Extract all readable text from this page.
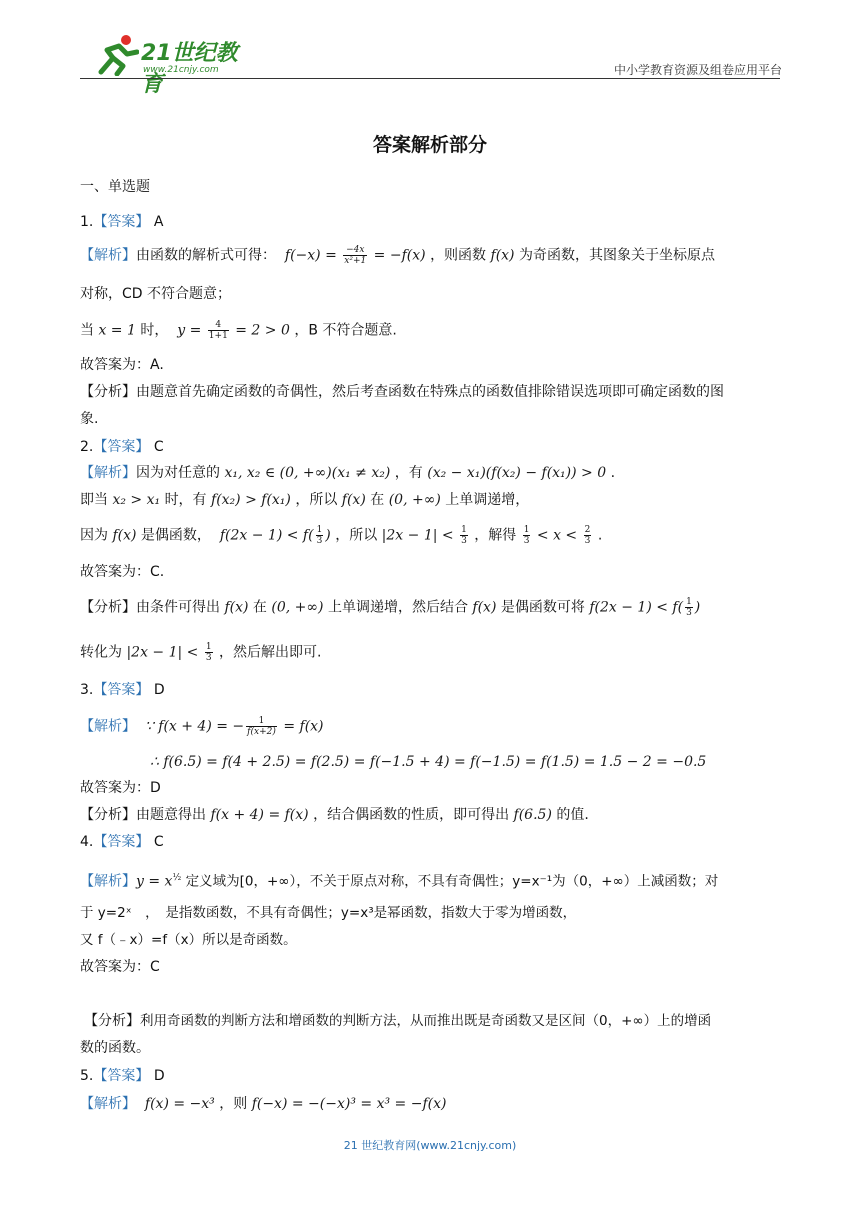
21世纪教育
www.21cnjy.com	中小学教育资源及组卷应用平台
答案解析部分
一、单选题
1.【答案】 A
【解析】由函数的解析式可得： $f(-x) = \frac{-4x}{\text{x²+1}} = -f(x)$ ，则函数 f(x) 为奇函数，其图象关于坐标原点
对称，CD 不符合题意；
当 x = 1 时， $y = \frac{4}{1+1} = 2 > 0$ ，B 不符合题意.
故答案为：A.
【分析】由题意首先确定函数的奇偶性，然后考查函数在特殊点的函数值排除错误选项即可确定函数的图
象.
2.【答案】 C
【解析】因为对任意的 x₁, x₂ ∈ (0, +∞)(x₁ ≠ x₂) ，有 (x₂ − x₁)(f(x₂) − f(x₁)) > 0 .
即当 x₂ > x₁ 时，有 f(x₂) > f(x₁) ，所以 f(x) 在 (0, +∞) 上单调递增，
因为 f(x) 是偶函数， $f(2x - 1) < f( \frac{1}{3}$ ) ，所以 $|2x - 1| < \frac{1}{3}$ ，解得 $\frac{1}{3} < x < \frac{2}{3}$ .
故答案为：C.
【分析】由条件可得出 f(x) 在 (0, +∞) 上单调递增，然后结合 f(x) 是偶函数可将 $f(2x - 1) < f( \frac{1}{3}$ )
转化为 $|2x - 1| < \frac{1}{3}$ ，然后解出即可.
3.【答案】 D
【解析】 ∵ f(x + 4) = − $\frac{1}{f(x+2)} = f(x)$
∴ f(6.5) = f(4 + 2.5) = f(2.5) = f(−1.5 + 4) = f(−1.5) = f(1.5) = 1.5 − 2 = −0.5
故答案为：D
【分析】由题意得出 f(x + 4) = f(x) ，结合偶函数的性质，即可得出 f(6.5) 的值.
4.【答案】 C
【解析】$y = x^{\frac{1}{2}}$ 定义域为[0，+∞），不关于原点对称，不具有奇偶性；y=x⁻¹为（0，+∞）上减函数；对
于 y=2ˣ　，　是指数函数，不具有奇偶性；y=x³是幂函数，指数大于零为增函数，
又 f（﹣x）=f（x）所以是奇函数。
故答案为：C
【分析】利用奇函数的判断方法和增函数的判断方法，从而推出既是奇函数又是区间（0，+∞）上的增函
数的函数。
5.【答案】 D
【解析】 f(x) = −x³ ，则 f(−x) = −(−x)³ = x³ = −f(x)
21 世纪教育网(www.21cnjy.com)
